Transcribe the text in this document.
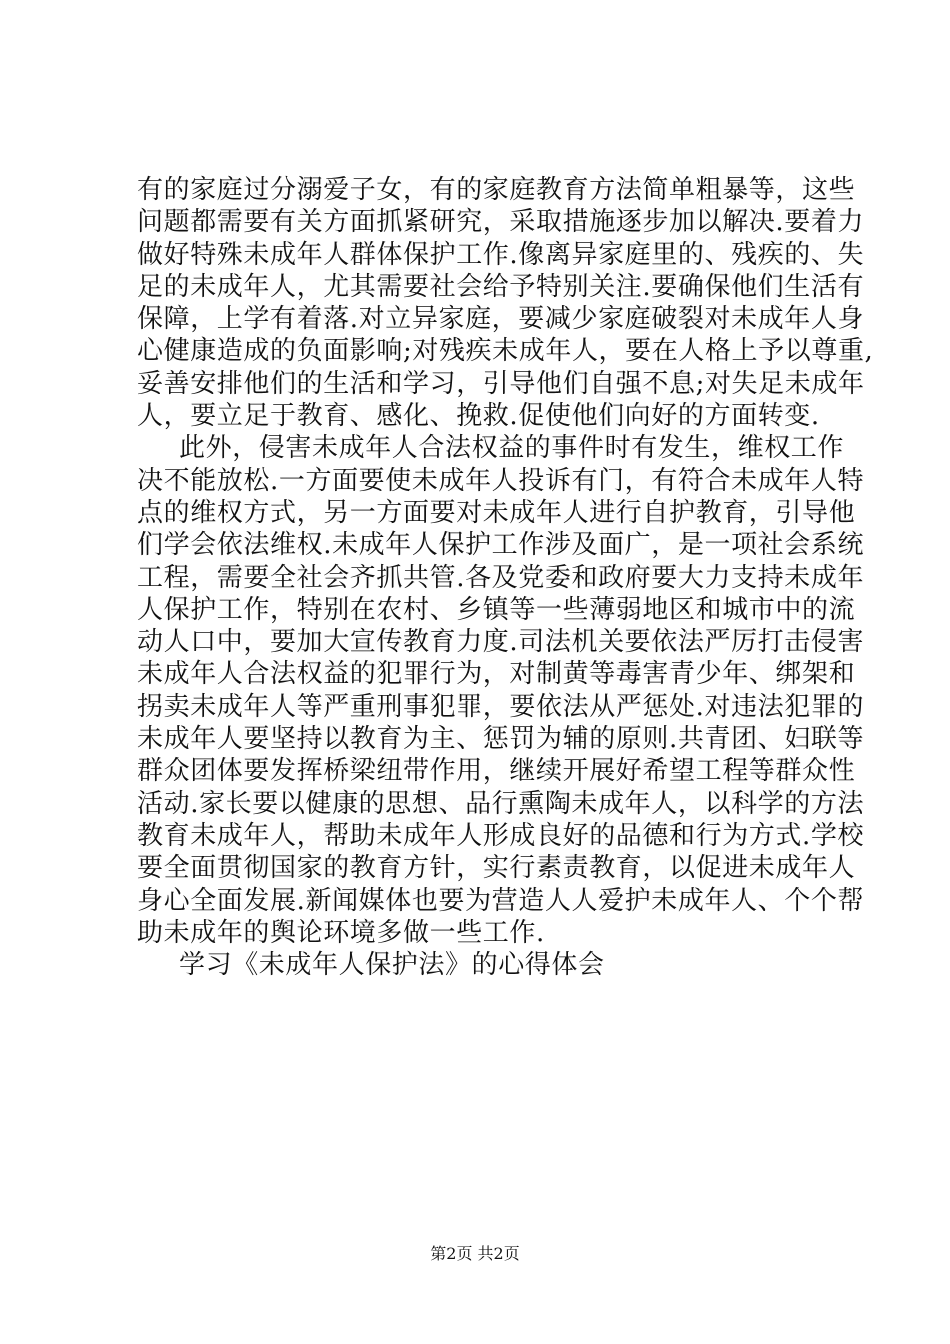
有的家庭过分溺爱子女，有的家庭教育方法简单粗暴等，这些
问题都需要有关方面抓紧研究，采取措施逐步加以解决.要着力
做好特殊未成年人群体保护工作.像离异家庭里的、残疾的、失
足的未成年人，尤其需要社会给予特别关注.要确保他们生活有
保障，上学有着落.对立异家庭，要减少家庭破裂对未成年人身
心健康造成的负面影响;对残疾未成年人，要在人格上予以尊重,
妥善安排他们的生活和学习，引导他们自强不息;对失足未成年
人，要立足于教育、感化、挽救.促使他们向好的方面转变.
此外，侵害未成年人合法权益的事件时有发生，维权工作
决不能放松.一方面要使未成年人投诉有门，有符合未成年人特
点的维权方式，另一方面要对未成年人进行自护教育，引导他
们学会依法维权.未成年人保护工作涉及面广，是一项社会系统
工程，需要全社会齐抓共管.各及党委和政府要大力支持未成年
人保护工作，特别在农村、乡镇等一些薄弱地区和城市中的流
动人口中，要加大宣传教育力度.司法机关要依法严厉打击侵害
未成年人合法权益的犯罪行为，对制黄等毒害青少年、绑架和
拐卖未成年人等严重刑事犯罪，要依法从严惩处.对违法犯罪的
未成年人要坚持以教育为主、惩罚为辅的原则.共青团、妇联等
群众团体要发挥桥梁纽带作用，继续开展好希望工程等群众性
活动.家长要以健康的思想、品行熏陶未成年人，以科学的方法
教育未成年人，帮助未成年人形成良好的品德和行为方式.学校
要全面贯彻国家的教育方针，实行素责教育，以促进未成年人
身心全面发展.新闻媒体也要为营造人人爱护未成年人、个个帮
助未成年的舆论环境多做一些工作.
学习《未成年人保护法》的心得体会
第2页 共2页
